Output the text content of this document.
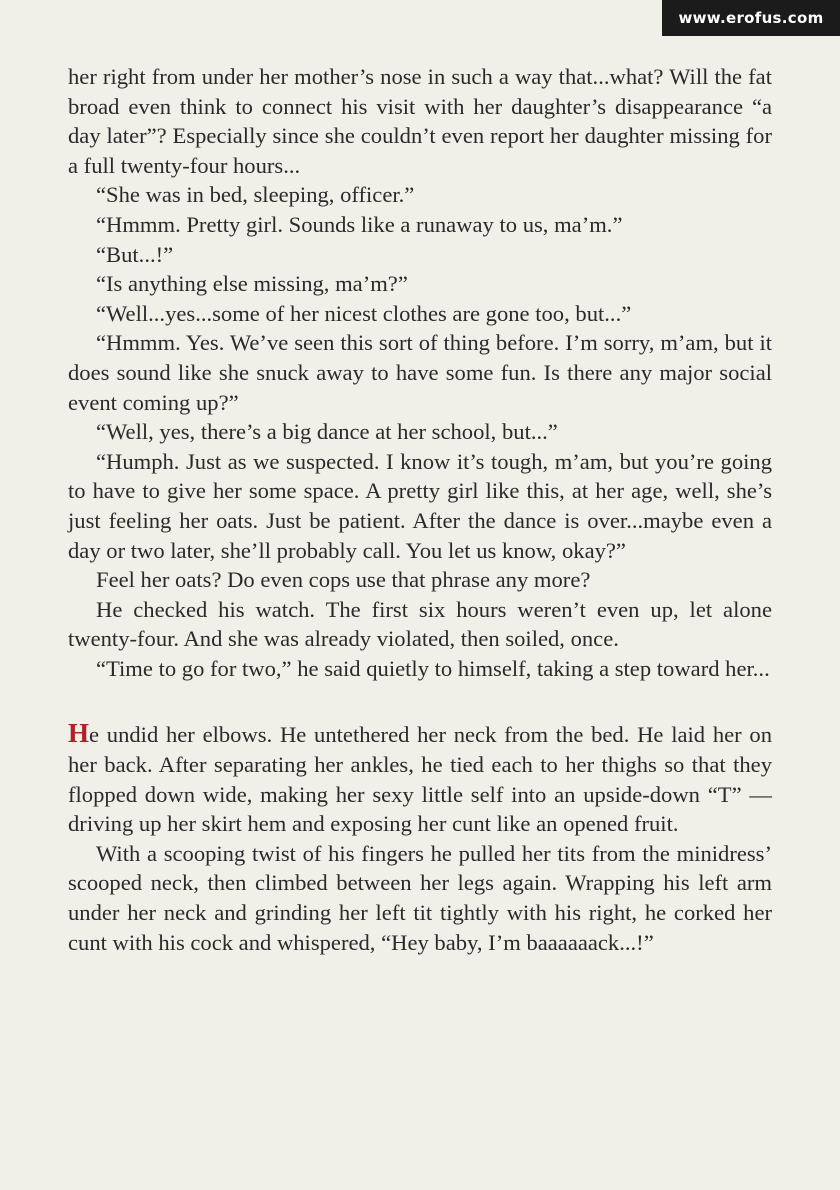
www.erofus.com

her right from under her mother’s nose in such a way that...what? Will the fat broad even think to connect his visit with her daughter’s disappearance “a day later”? Especially since she couldn’t even report her daughter missing for a full twenty-four hours...

“She was in bed, sleeping, officer.”

“Hmmm. Pretty girl. Sounds like a runaway to us, ma’m.”

“But...!”

“Is anything else missing, ma’m?”

“Well...yes...some of her nicest clothes are gone too, but...”

“Hmmm. Yes. We’ve seen this sort of thing before. I’m sorry, m’am, but it does sound like she snuck away to have some fun. Is there any major social event coming up?”

“Well, yes, there’s a big dance at her school, but...”

“Humph. Just as we suspected. I know it’s tough, m’am, but you’re going to have to give her some space. A pretty girl like this, at her age, well, she’s just feeling her oats. Just be patient. After the dance is over...maybe even a day or two later, she’ll probably call. You let us know, okay?”

Feel her oats? Do even cops use that phrase any more?

He checked his watch. The first six hours weren’t even up, let alone twenty-four. And she was already violated, then soiled, once.

“Time to go for two,” he said quietly to himself, taking a step toward her...

He undid her elbows. He untethered her neck from the bed. He laid her on her back. After separating her ankles, he tied each to her thighs so that they flopped down wide, making her sexy little self into an upside-down “T” — driving up her skirt hem and exposing her cunt like an opened fruit.

With a scooping twist of his fingers he pulled her tits from the minidress’ scooped neck, then climbed between her legs again. Wrapping his left arm under her neck and grinding her left tit tightly with his right, he corked her cunt with his cock and whispered, “Hey baby, I’m baaaaaack...!”
